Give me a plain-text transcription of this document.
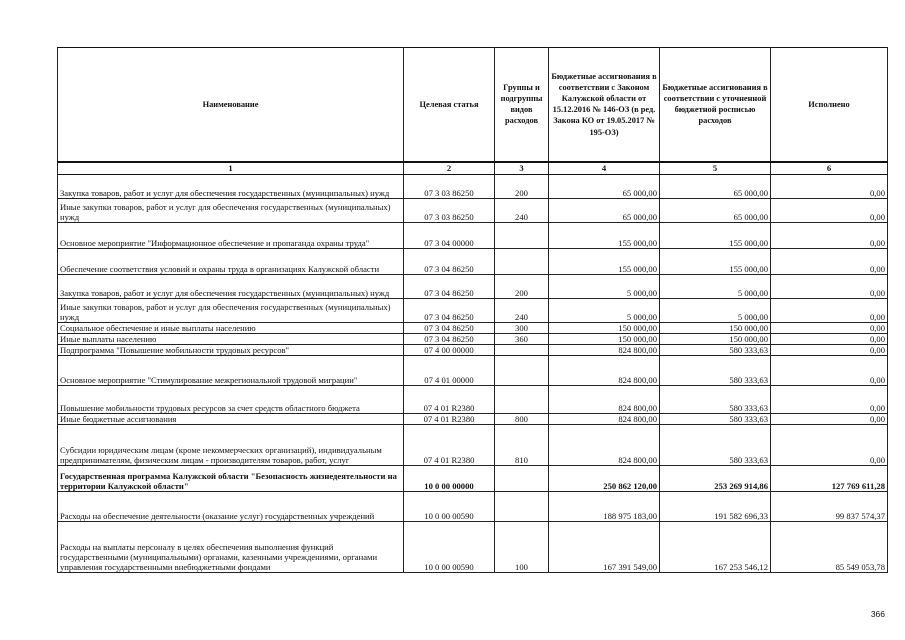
Наименование	Целевая статья	Группы и подгруппы видов расходов	Бюджетные ассигнования в соответствии с Законом Калужской области от 15.12.2016 № 146-ОЗ (в ред. Закона КО от 19.05.2017 № 195-ОЗ)	Бюджетные ассигнования в соответствии с уточненной бюджетной росписью расходов	Исполнено
1	2	3	4	5	6
Закупка товаров, работ и услуг для обеспечения государственных (муниципальных) нужд	07 3 03 86250	200	65 000,00	65 000,00	0,00
Иные закупки товаров, работ и услуг для обеспечения государственных (муниципальных) нужд	07 3 03 86250	240	65 000,00	65 000,00	0,00
Основное мероприятие "Информационное обеспечение и пропаганда охраны труда"	07 3 04 00000		155 000,00	155 000,00	0,00
Обеспечение соответствия условий и охраны труда в организациях Калужской области	07 3 04 86250		155 000,00	155 000,00	0,00
Закупка товаров, работ и услуг для обеспечения государственных (муниципальных) нужд	07 3 04 86250	200	5 000,00	5 000,00	0,00
Иные закупки товаров, работ и услуг для обеспечения государственных (муниципальных) нужд	07 3 04 86250	240	5 000,00	5 000,00	0,00
Социальное обеспечение и иные выплаты населению	07 3 04 86250	300	150 000,00	150 000,00	0,00
Иные выплаты населению	07 3 04 86250	360	150 000,00	150 000,00	0,00
Подпрограмма "Повышение мобильности трудовых ресурсов"	07 4 00 00000		824 800,00	580 333,63	0,00
Основное мероприятие "Стимулирование межрегиональной трудовой миграции"	07 4 01 00000		824 800,00	580 333,63	0,00
Повышение мобильности трудовых ресурсов за счет средств областного бюджета	07 4 01 R2380		824 800,00	580 333,63	0,00
Иные бюджетные ассигнования	07 4 01 R2380	800	824 800,00	580 333,63	0,00
Субсидии юридическим лицам (кроме некоммерческих организаций), индивидуальным предпринимателям, физическим лицам - производителям товаров, работ, услуг	07 4 01 R2380	810	824 800,00	580 333,63	0,00
Государственная программа Калужской области "Безопасность жизнедеятельности на территории Калужской области"	10 0 00 00000		250 862 120,00	253 269 914,86	127 769 611,28
Расходы на обеспечение деятельности (оказание услуг) государственных учреждений	10 0 00 00590		188 975 183,00	191 582 696,33	99 837 574,37
Расходы на выплаты персоналу в целях обеспечения выполнения функций государственными (муниципальными) органами, казенными учреждениями, органами управления государственными внебюджетными фондами	10 0 00 00590	100	167 391 549,00	167 253 546,12	85 549 053,78
366
